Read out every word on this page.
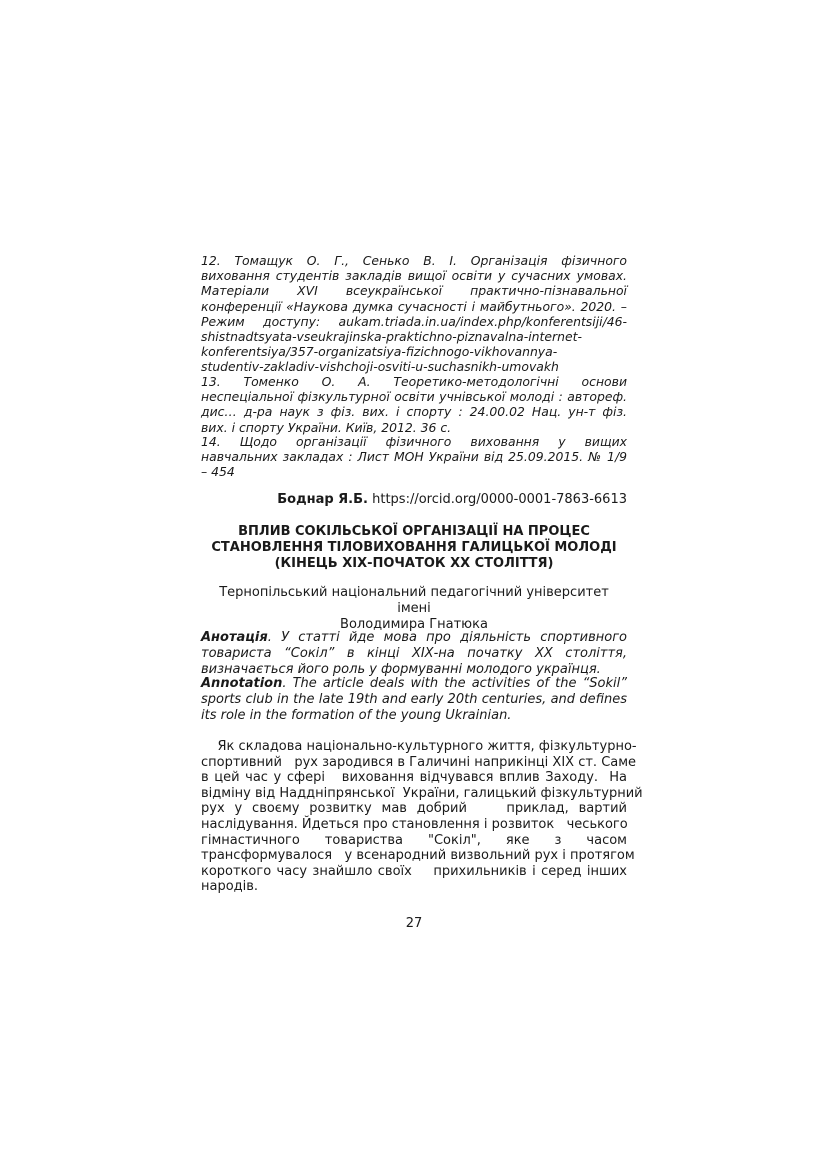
12. Томащук О. Г., Сенько В. І. Організація фізичного
виховання студентів закладів вищої освіти у сучасних умовах.
Матеріали XVI всеукраїнської практично-пізнавальної
конференції «Наукова думка сучасності і майбутнього». 2020. –
Режим доступу: aukam.triada.in.ua/index.php/konferentsiji/46-
shistnadtsyata-vseukrajinska-praktichno-piznavalna-internet-
konferentsiya/357-organizatsiya-fizichnogo-vikhovannya-
studentiv-zakladiv-vishchoji-osviti-u-suchasnikh-umovakh
13. Томенко О. А. Теоретико-методологічні основи
неспеціальної фізкультурної освіти учнівської молоді : автореф.
дис… д-ра наук з фіз. вих. і спорту : 24.00.02 Нац. ун-т фіз.
вих. і спорту України. Київ, 2012. 36 с.
14. Щодо організації фізичного виховання у вищих
навчальних закладах : Лист МОН України від 25.09.2015. № 1/9
– 454
Боднар Я.Б. https://orcid.org/0000-0001-7863-6613
ВПЛИВ СОКІЛЬСЬКОЇ ОРГАНІЗАЦІЇ НА ПРОЦЕС
СТАНОВЛЕННЯ ТІЛОВИХОВАННЯ ГАЛИЦЬКОЇ МОЛОДІ
(КІНЕЦЬ ХІХ-ПОЧАТОК ХХ СТОЛІТТЯ)
Тернопільський національний педагогічний університет імені
Володимира Гнатюка
Анотація. У статті йде мова про діяльність спортивного
товариста “Сокіл” в кінці ХІХ-на початку ХХ століття,
визначається його роль у формуванні молодого українця.
Annotation. The article deals with the activities of the “Sokil”
sports club in the late 19th and early 20th centuries, and defines
its role in the formation of the young Ukrainian.
Як складова національно-культурного життя, фізкультурно-
спортивний   рух зародився в Галичині наприкінці ХІХ ст. Саме
в цей час у сфері   виховання відчувався вплив Заходу.  На
відміну від Наддніпрянської  України, галицький фізкультурний
рух у своєму розвитку мав добрий    приклад, вартий
наслідування. Йдеться про становлення і розвиток   чеського
гімнастичного   товариства   "Сокіл",   яке   з   часом
трансформувалося   у всенародний визвольний рух і протягом
короткого часу знайшло своїх    прихильників і серед інших
народів.
27
